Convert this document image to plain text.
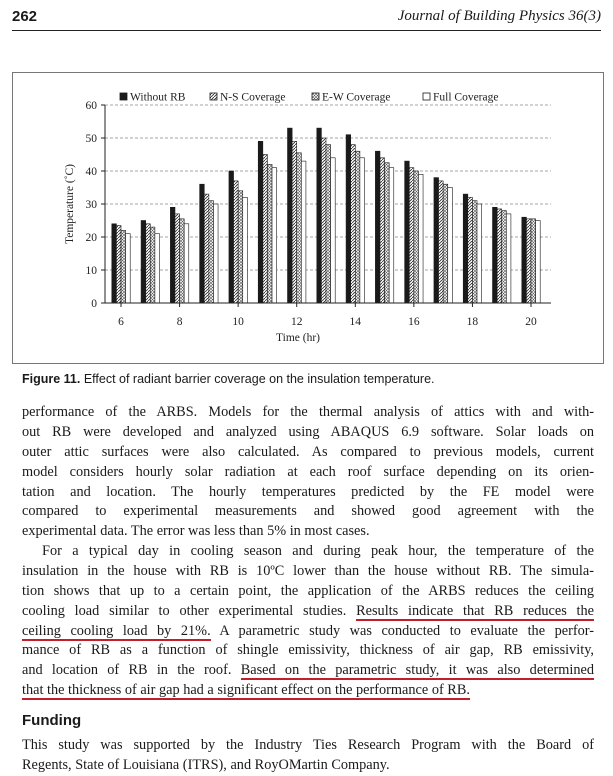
262	Journal of Building Physics 36(3)
0
10
20
30
40
50
60
6	8	10	12	14	16	18	20
Time (hr)
Temperature (˚C)
Without RB	N-S Coverage	E-W Coverage	Full Coverage
Figure 11. Effect of radiant barrier coverage on the insulation temperature.
performance of the ARBS. Models for the thermal analysis of attics with and with-
out RB were developed and analyzed using ABAQUS 6.9 software. Solar loads on
outer attic surfaces were also calculated. As compared to previous models, current
model considers hourly solar radiation at each roof surface depending on its orien-
tation and location. The hourly temperatures predicted by the FE model were
compared to experimental measurements and showed good agreement with the
experimental data. The error was less than 5% in most cases.
For a typical day in cooling season and during peak hour, the temperature of the
insulation in the house with RB is 10ºC lower than the house without RB. The simula-
tion shows that up to a certain point, the application of the ARBS reduces the ceiling
cooling load similar to other experimental studies. Results indicate that RB reduces the
ceiling cooling load by 21%. A parametric study was conducted to evaluate the perfor-
mance of RB as a function of shingle emissivity, thickness of air gap, RB emissivity,
and location of RB in the roof. Based on the parametric study, it was also determined
that the thickness of air gap had a significant effect on the performance of RB.
Funding
This study was supported by the Industry Ties Research Program with the Board of
Regents, State of Louisiana (ITRS), and RoyOMartin Company.
